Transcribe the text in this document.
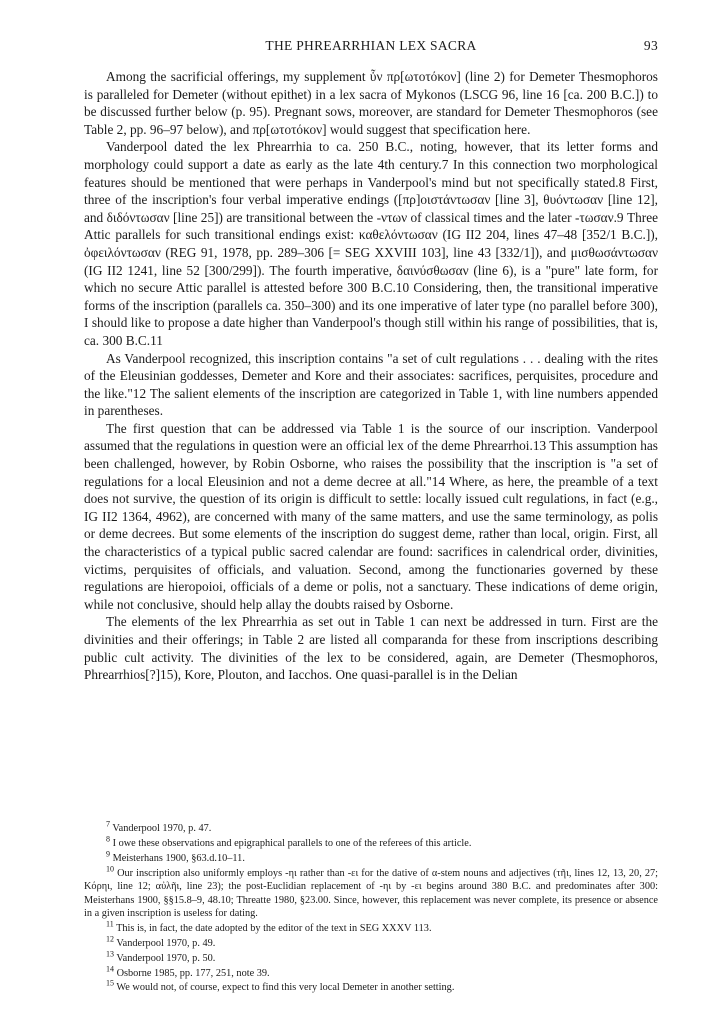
THE PHREARRHIAN LEX SACRA	93

Among the sacrificial offerings, my supplement ὗν πρ[ωτοτόκον] (line 2) for Demeter Thesmophoros is paralleled for Demeter (without epithet) in a lex sacra of Mykonos (LSCG 96, line 16 [ca. 200 B.C.]) to be discussed further below (p. 95). Pregnant sows, moreover, are standard for Demeter Thesmophoros (see Table 2, pp. 96–97 below), and πρ[ωτοτόκον] would suggest that specification here.

Vanderpool dated the lex Phrearrhia to ca. 250 B.C., noting, however, that its letter forms and morphology could support a date as early as the late 4th century.7 In this connection two morphological features should be mentioned that were perhaps in Vanderpool's mind but not specifically stated.8 First, three of the inscription's four verbal imperative endings ([πρ]οιστάντωσαν [line 3], θυόντωσαν [line 12], and διδόντωσαν [line 25]) are transitional between the -ντων of classical times and the later -τωσαν.9 Three Attic parallels for such transitional endings exist: καθελόντωσαν (IG II2 204, lines 47–48 [352/1 B.C.]), ὀφειλόντωσαν (REG 91, 1978, pp. 289–306 [= SEG XXVIII 103], line 43 [332/1]), and μισθωσάντωσαν (IG II2 1241, line 52 [300/299]). The fourth imperative, δαινύσθωσαν (line 6), is a "pure" late form, for which no secure Attic parallel is attested before 300 B.C.10 Considering, then, the transitional imperative forms of the inscription (parallels ca. 350–300) and its one imperative of later type (no parallel before 300), I should like to propose a date higher than Vanderpool's though still within his range of possibilities, that is, ca. 300 B.C.11

As Vanderpool recognized, this inscription contains "a set of cult regulations . . . dealing with the rites of the Eleusinian goddesses, Demeter and Kore and their associates: sacrifices, perquisites, procedure and the like."12 The salient elements of the inscription are categorized in Table 1, with line numbers appended in parentheses.

The first question that can be addressed via Table 1 is the source of our inscription. Vanderpool assumed that the regulations in question were an official lex of the deme Phrearrhoi.13 This assumption has been challenged, however, by Robin Osborne, who raises the possibility that the inscription is "a set of regulations for a local Eleusinion and not a deme decree at all."14 Where, as here, the preamble of a text does not survive, the question of its origin is difficult to settle: locally issued cult regulations, in fact (e.g., IG II2 1364, 4962), are concerned with many of the same matters, and use the same terminology, as polis or deme decrees. But some elements of the inscription do suggest deme, rather than local, origin. First, all the characteristics of a typical public sacred calendar are found: sacrifices in calendrical order, divinities, victims, perquisites of officials, and valuation. Second, among the functionaries governed by these regulations are hieropoioi, officials of a deme or polis, not a sanctuary. These indications of deme origin, while not conclusive, should help allay the doubts raised by Osborne.

The elements of the lex Phrearrhia as set out in Table 1 can next be addressed in turn. First are the divinities and their offerings; in Table 2 are listed all comparanda for these from inscriptions describing public cult activity. The divinities of the lex to be considered, again, are Demeter (Thesmophoros, Phrearrhios[?]15), Kore, Plouton, and Iacchos. One quasi-parallel is in the Delian

$^7$ Vanderpool 1970, p. 47.

$^8$ I owe these observations and epigraphical parallels to one of the referees of this article.

$^9$ Meisterhans 1900, §63.d.10–11.

$^{10}$ Our inscription also uniformly employs -ηι rather than -ει for the dative of α-stem nouns and adjectives (τῆι, lines 12, 13, 20, 27; Κόρηι, line 12; αὐλῆι, line 23); the post-Euclidian replacement of -ηι by -ει begins around 380 B.C. and predominates after 300: Meisterhans 1900, §§15.8–9, 48.10; Threatte 1980, §23.00. Since, however, this replacement was never complete, its presence or absence in a given inscription is useless for dating.

$^{11}$ This is, in fact, the date adopted by the editor of the text in SEG XXXV 113.

$^{12}$ Vanderpool 1970, p. 49.

$^{13}$ Vanderpool 1970, p. 50.

$^{14}$ Osborne 1985, pp. 177, 251, note 39.

$^{15}$ We would not, of course, expect to find this very local Demeter in another setting.
